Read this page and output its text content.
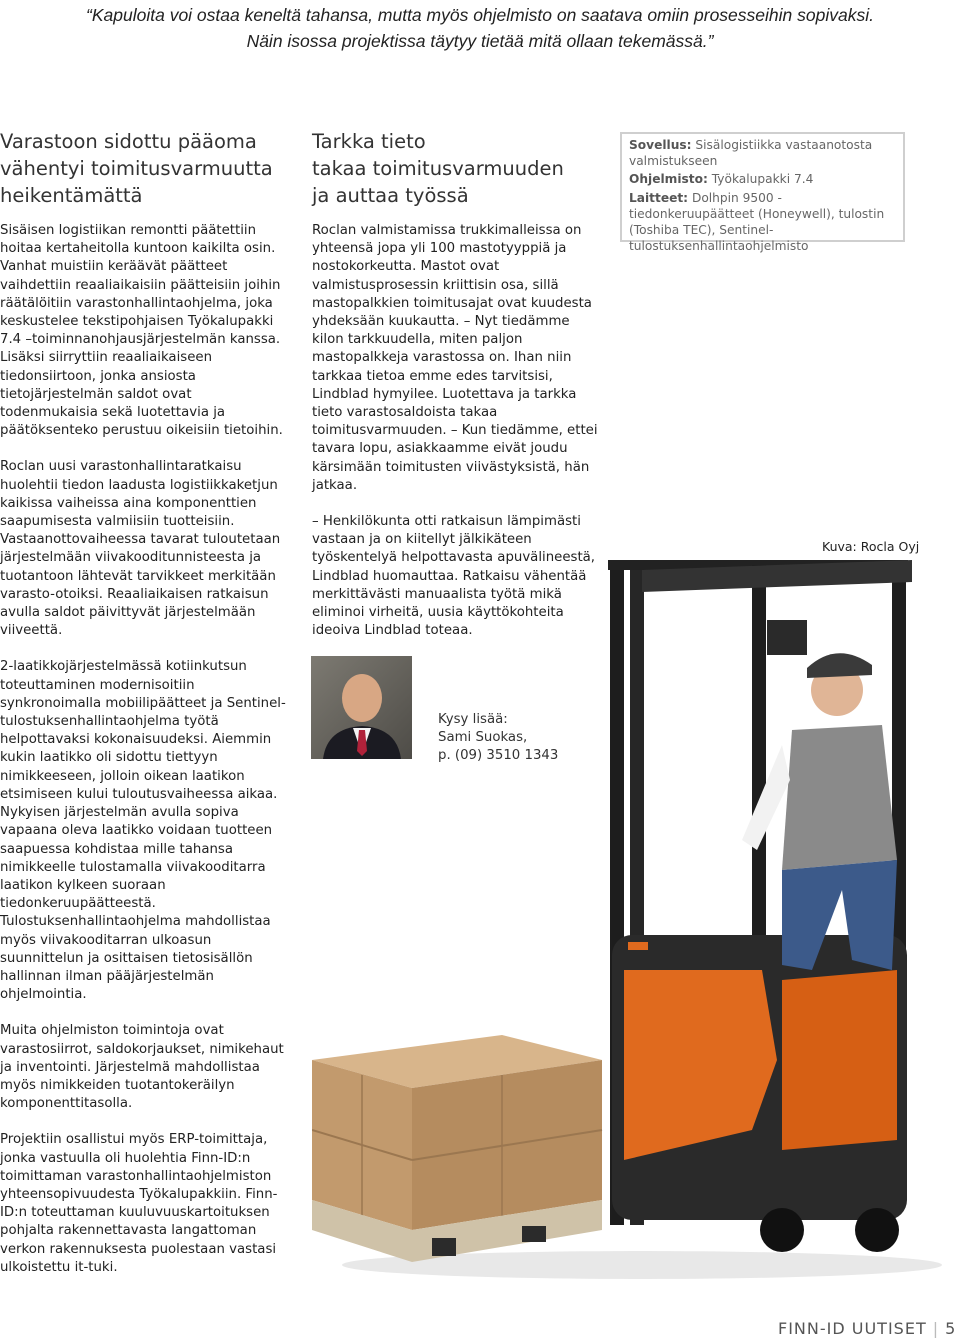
“Kapuloita voi ostaa keneltä tahansa, mutta myös ohjelmisto on saatava omiin prosesseihin sopivaksi.

Näin isossa projektissa täytyy tietää mitä ollaan tekemässä.”

Varastoon sidottu pääoma
vähentyi toimitusvarmuutta
heikentämättä

Sisäisen logistiikan remontti päätettiin hoitaa kertaheitolla kuntoon kaikilta osin. Vanhat muistiin keräävät päätteet vaihdettiin reaaliaikaisiin päätteisiin joihin räätälöitiin varastonhallintaohjelma, joka keskustelee tekstipohjaisen Työkalupakki 7.4 –toiminnanohjausjärjestelmän kanssa. Lisäksi siirryttiin reaaliaikaiseen tiedonsiirtoon, jonka ansiosta tietojärjestelmän saldot ovat todenmukaisia sekä luotettavia ja päätöksenteko perustuu oikeisiin tietoihin.

Roclan uusi varastonhallintaratkaisu huolehtii tiedon laadusta logistiikkaketjun kaikissa vaiheissa aina komponenttien saapumisesta valmiisiin tuotteisiin. Vastaanottovaiheessa tavarat tuloutetaan järjestelmään viivakooditunnisteesta ja tuotantoon lähtevät tarvikkeet merkitään varasto-otoiksi. Reaaliaikaisen ratkaisun avulla saldot päivittyvät järjestelmään viiveettä.

2-laatikkojärjestelmässä kotiinkutsun toteuttaminen modernisoitiin synkronoimalla mobiilipäätteet ja Sentinel-tulostuksenhallintaohjelma työtä helpottavaksi kokonaisuudeksi. Aiemmin kukin laatikko oli sidottu tiettyyn nimikkeeseen, jolloin oikean laatikon etsimiseen kului tuloutusvaiheessa aikaa. Nykyisen järjestelmän avulla sopiva vapaana oleva laatikko voidaan tuotteen saapuessa kohdistaa mille tahansa nimikkeelle tulostamalla viivakooditarra laatikon kylkeen suoraan tiedonkeruupäätteestä. Tulostuksenhallintaohjelma mahdollistaa myös viivakooditarran ulkoasun suunnittelun ja osittaisen tietosisällön hallinnan ilman pääjärjestelmän ohjelmointia.

Muita ohjelmiston toimintoja ovat varastosiirrot, saldokorjaukset, nimikehaut ja inventointi. Järjestelmä mahdollistaa myös nimikkeiden tuotantokeräilyn komponenttitasolla.

Projektiin osallistui myös ERP-toimittaja, jonka vastuulla oli huolehtia Finn-ID:n toimittaman varastonhallintaohjelmiston yhteensopivuudesta Työkalupakkiin. Finn-ID:n toteuttaman kuuluvuuskartoituksen pohjalta rakennettavasta langattoman verkon rakennuksesta puolestaan vastasi ulkoistettu it-tuki.

Tarkka tieto
takaa toimitusvarmuuden
ja auttaa työssä

Roclan valmistamissa trukkimalleissa on yhteensä jopa yli 100 mastotyyppiä ja nostokorkeutta. Mastot ovat valmistusprosessin kriittisin osa, sillä mastopalkkien toimitusajat ovat kuudesta yhdeksään kuukautta. – Nyt tiedämme kilon tarkkuudella, miten paljon mastopalkkeja varastossa on. Ihan niin tarkkaa tietoa emme edes tarvitsisi, Lindblad hymyilee. Luotettava ja tarkka tieto varastosaldoista takaa toimitusvarmuuden. – Kun tiedämme, ettei tavara lopu, asiakkaamme eivät joudu kärsimään toimitusten viivästyksistä, hän jatkaa.

– Henkilökunta otti ratkaisun lämpimästi vastaan ja on kiitellyt jälkikäteen työskentelyä helpottavasta apuvälineestä, Lindblad huomauttaa. Ratkaisu vähentää merkittävästi manuaalista työtä mikä eliminoi virheitä, uusia käyttökohteita ideoiva Lindblad toteaa.

Sovellus: Sisälogistiikka vastaanotosta valmistukseen
Ohjelmisto: Työkalupakki 7.4
Laitteet: Dolhpin 9500 -tiedonkeruupäätteet (Honeywell), tulostin (Toshiba TEC), Sentinel-tulostuksenhallintaohjelmisto
Kuva: Rocla Oyj
Kysy lisää:
Sami Suokas,
p. (09) 3510 1343
FINN-ID UUTISET | 5
